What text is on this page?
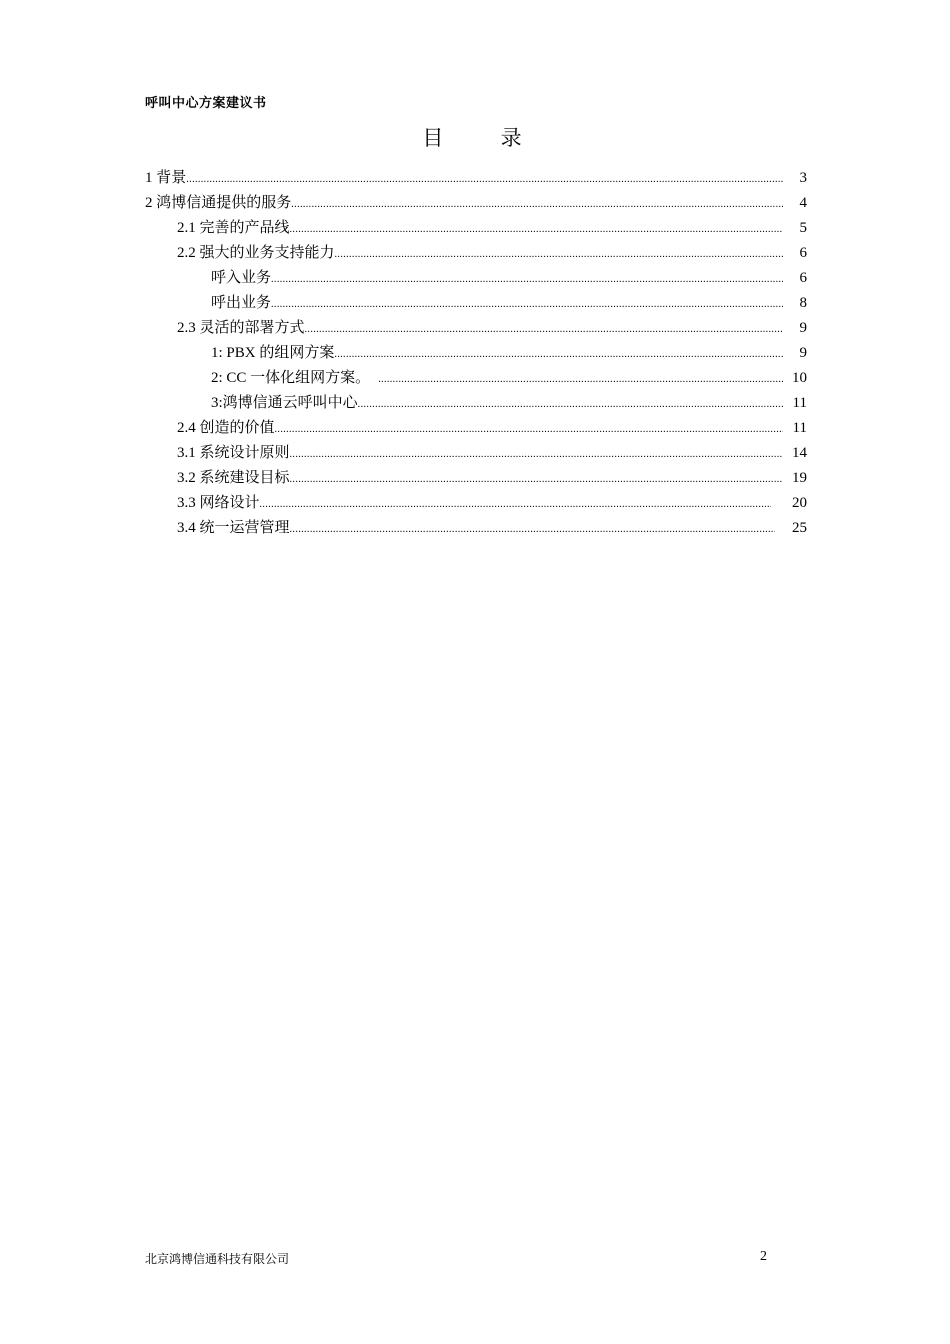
呼叫中心方案建议书
目 录
1 背景 .....	3
2 鸿博信通提供的服务 .....	4
2.1 完善的产品线 .....	5
2.2 强大的业务支持能力 .....	6
呼入业务 .....	6
呼出业务 .....	8
2.3 灵活的部署方式 .....	9
1: PBX 的组网方案 .....	9
2: CC 一体化组网方案。 .....	10
3:鸿博信通云呼叫中心 .....	11
2.4 创造的价值 .....	11
3.1 系统设计原则 .....	14
3.2 系统建设目标 .....	19
3.3 网络设计 .....	20
3.4 统一运营管理 .....	25
北京鸿博信通科技有限公司	2
